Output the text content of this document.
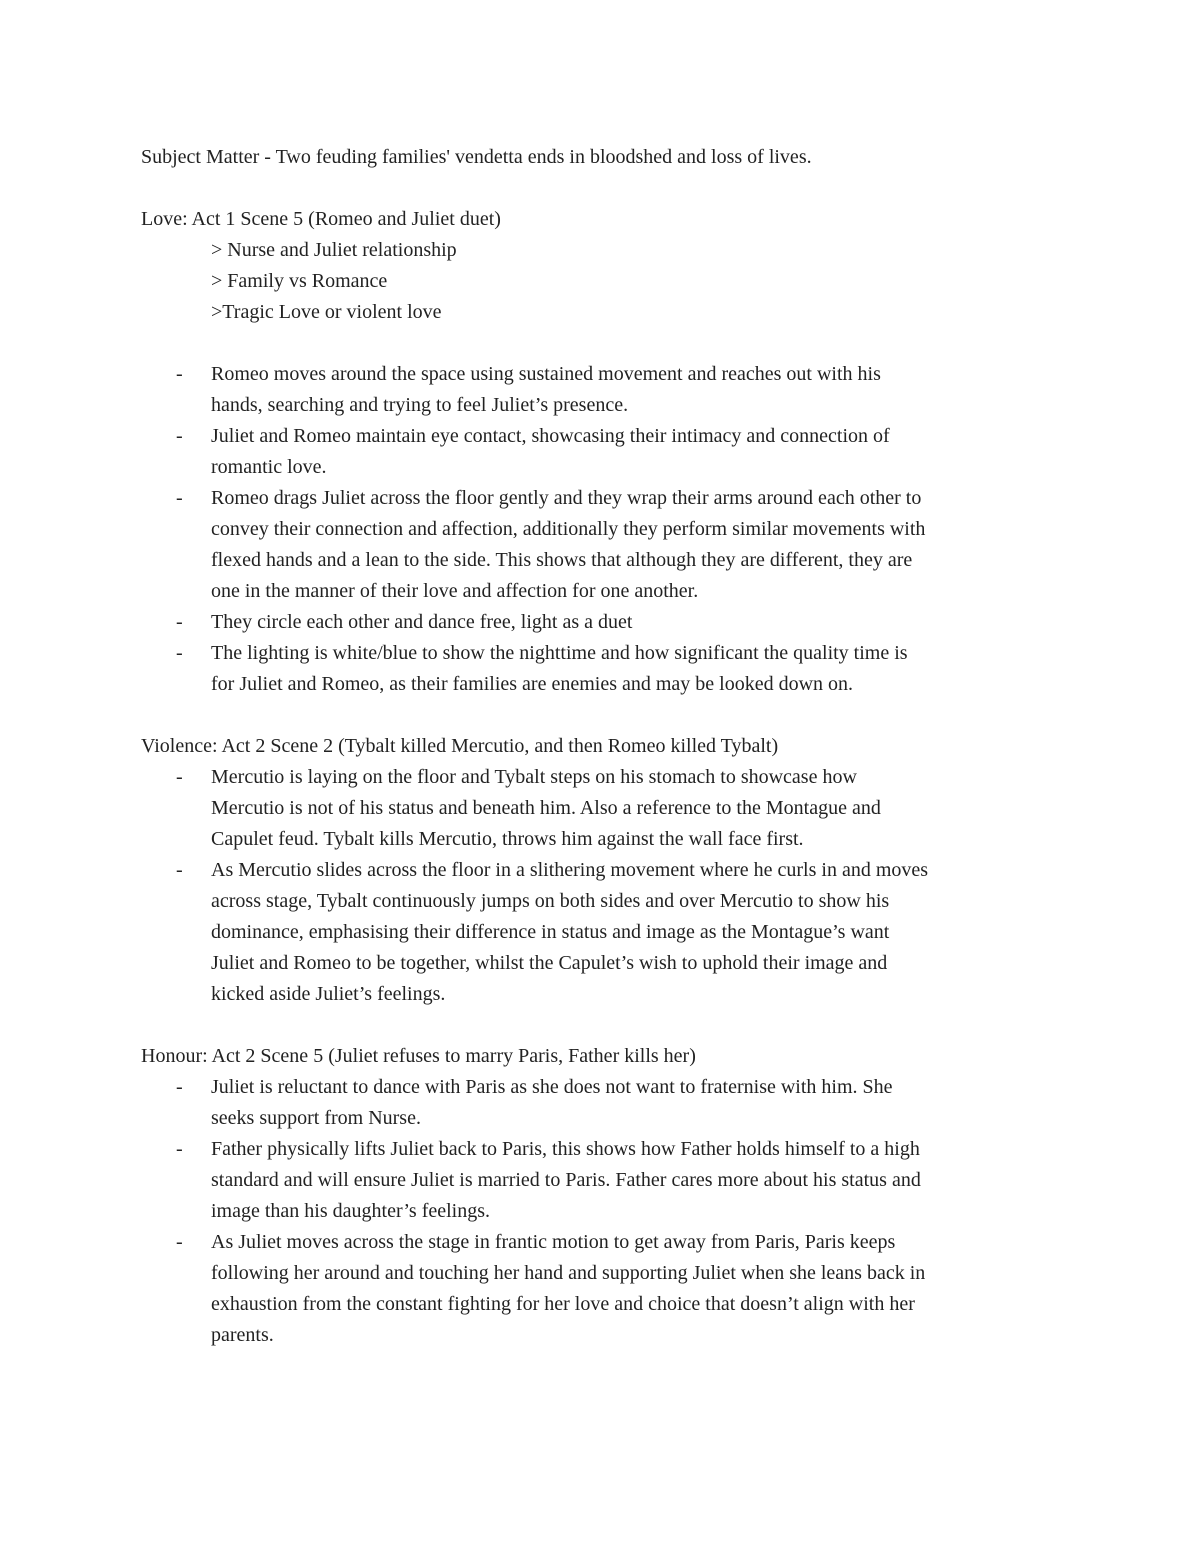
Subject Matter - Two feuding families' vendetta ends in bloodshed and loss of lives.

Love: Act 1 Scene 5 (Romeo and Juliet duet)

> Nurse and Juliet relationship
> Family vs Romance
>Tragic Love or violent love
- Romeo moves around the space using sustained movement and reaches out with his
hands, searching and trying to feel Juliet’s presence.
- Juliet and Romeo maintain eye contact, showcasing their intimacy and connection of
romantic love.
- Romeo drags Juliet across the floor gently and they wrap their arms around each other to
convey their connection and affection, additionally they perform similar movements with
flexed hands and a lean to the side. This shows that although they are different, they are
one in the manner of their love and affection for one another.
- They circle each other and dance free, light as a duet
- The lighting is white/blue to show the nighttime and how significant the quality time is
for Juliet and Romeo, as their families are enemies and may be looked down on.

Violence: Act 2 Scene 2 (Tybalt killed Mercutio, and then Romeo killed Tybalt)

- Mercutio is laying on the floor and Tybalt steps on his stomach to showcase how
Mercutio is not of his status and beneath him. Also a reference to the Montague and
Capulet feud. Tybalt kills Mercutio, throws him against the wall face first.
- As Mercutio slides across the floor in a slithering movement where he curls in and moves
across stage, Tybalt continuously jumps on both sides and over Mercutio to show his
dominance, emphasising their difference in status and image as the Montague’s want
Juliet and Romeo to be together, whilst the Capulet’s wish to uphold their image and
kicked aside Juliet’s feelings.

Honour: Act 2 Scene 5 (Juliet refuses to marry Paris, Father kills her)

- Juliet is reluctant to dance with Paris as she does not want to fraternise with him. She
seeks support from Nurse.
- Father physically lifts Juliet back to Paris, this shows how Father holds himself to a high
standard and will ensure Juliet is married to Paris. Father cares more about his status and
image than his daughter’s feelings.
- As Juliet moves across the stage in frantic motion to get away from Paris, Paris keeps
following her around and touching her hand and supporting Juliet when she leans back in
exhaustion from the constant fighting for her love and choice that doesn’t align with her
parents.
